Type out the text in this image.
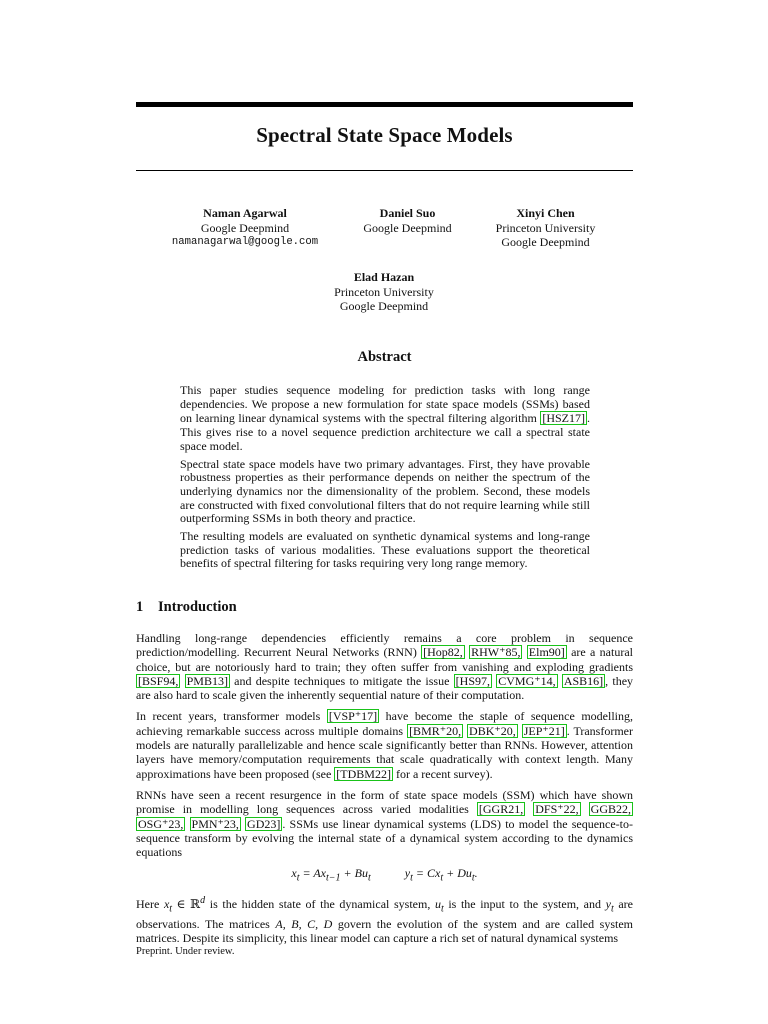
Spectral State Space Models
Naman Agarwal
Google Deepmind
namanagarwal@google.com
Daniel Suo
Google Deepmind
Xinyi Chen
Princeton University
Google Deepmind
Elad Hazan
Princeton University
Google Deepmind
Abstract

This paper studies sequence modeling for prediction tasks with long range dependencies. We propose a new formulation for state space models (SSMs) based on learning linear dynamical systems with the spectral filtering algorithm [HSZ17] . This gives rise to a novel sequence prediction architecture we call a spectral state space model.

Spectral state space models have two primary advantages. First, they have provable robustness properties as their performance depends on neither the spectrum of the underlying dynamics nor the dimensionality of the problem. Second, these models are constructed with fixed convolutional filters that do not require learning while still outperforming SSMs in both theory and practice.

The resulting models are evaluated on synthetic dynamical systems and long-range prediction tasks of various modalities. These evaluations support the theoretical benefits of spectral filtering for tasks requiring very long range memory.

1 Introduction

Handling long-range dependencies efficiently remains a core problem in sequence prediction/modelling. Recurrent Neural Networks (RNN) [Hop82, RHW⁺85, Elm90] are a natural choice, but are notoriously hard to train; they often suffer from vanishing and exploding gradients [BSF94, PMB13] and despite techniques to mitigate the issue [HS97, CVMG⁺14, ASB16] , they are also hard to scale given the inherently sequential nature of their computation.

In recent years, transformer models [VSP⁺17] have become the staple of sequence modelling, achieving remarkable success across multiple domains [BMR⁺20, DBK⁺20, JEP⁺21] . Transformer models are naturally parallelizable and hence scale significantly better than RNNs. However, attention layers have memory/computation requirements that scale quadratically with context length. Many approximations have been proposed (see [TDBM22] for a recent survey).

RNNs have seen a recent resurgence in the form of state space models (SSM) which have shown promise in modelling long sequences across varied modalities [GGR21, DFS⁺22, GGB22, OSG⁺23, PMN⁺23, GD23] . SSMs use linear dynamical systems (LDS) to model the sequence-to-sequence transform by evolving the internal state of a dynamical system according to the dynamics equations

$x_t = Ax_{t-1} + Bu_t$	$y_t = Cx_t + Du_t$.

Here $x_t$ ∈ ℝ$^d$ is the hidden state of the dynamical system, $u_t$ is the input to the system, and $y_t$ are observations. The matrices A, B, C, D govern the evolution of the system and are called system matrices. Despite its simplicity, this linear model can capture a rich set of natural dynamical systems

Preprint. Under review.
